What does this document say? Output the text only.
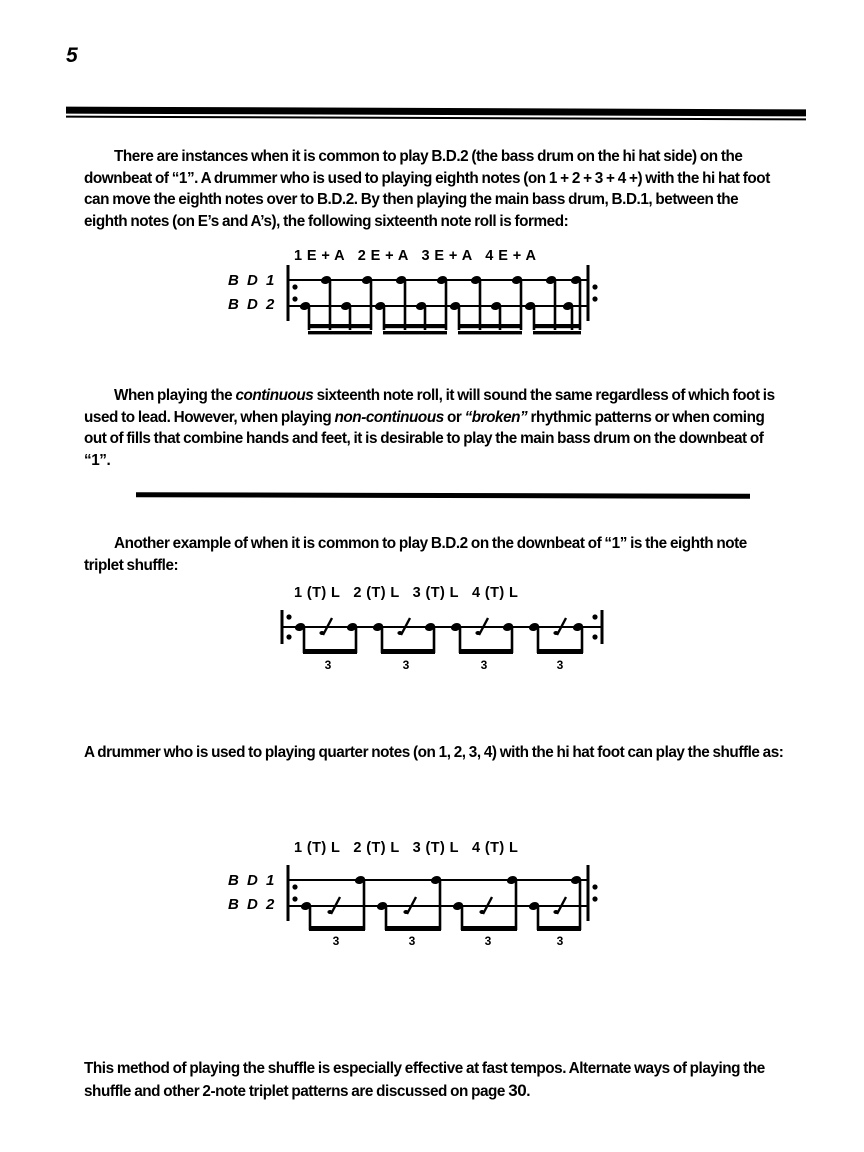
5
There are instances when it is common to play B.D.2 (the bass drum on the hi hat side) on the downbeat of “1”. A drummer who is used to playing eighth notes (on 1 + 2 + 3 + 4 +) with the hi hat foot can move the eighth notes over to B.D.2. By then playing the main bass drum, B.D.1, between the eighth notes (on E’s and A’s), the following sixteenth note roll is formed:
1 E + A   2 E + A   3 E + A   4 E + A
B D 1
B D 2
When playing the continuous sixteenth note roll, it will sound the same regardless of which foot is used to lead. However, when playing non-continuous or “broken” rhythmic patterns or when coming out of fills that combine hands and feet, it is desirable to play the main bass drum on the downbeat of “1”.
Another example of when it is common to play B.D.2 on the downbeat of “1” is the eighth note triplet shuffle:
1 (T) L   2 (T) L   3 (T) L   4 (T) L
3	3	3	3
A drummer who is used to playing quarter notes (on 1, 2, 3, 4) with the hi hat foot can play the shuffle as:
1 (T) L   2 (T) L   3 (T) L   4 (T) L
B D 1
B D 2
3	3	3	3
This method of playing the shuffle is especially effective at fast tempos. Alternate ways of playing the shuffle and other 2-note triplet patterns are discussed on page 30.
